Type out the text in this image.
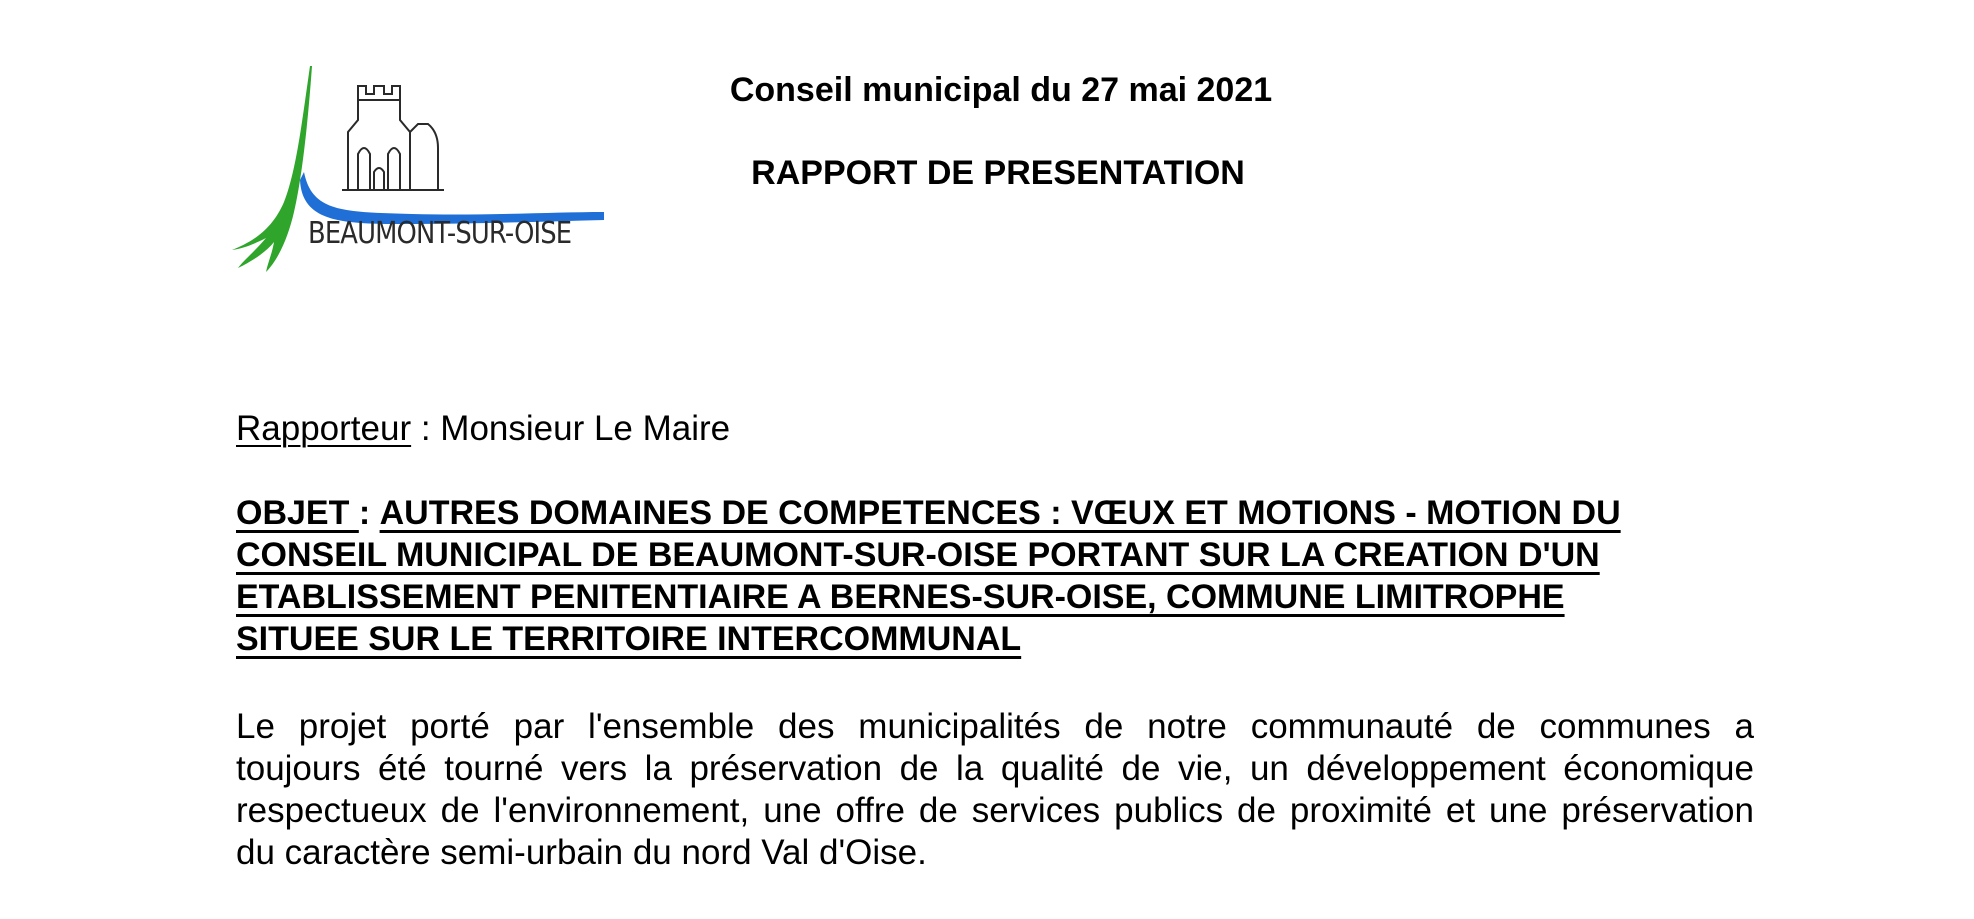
BEAUMONT-SUR-OISE
Conseil municipal du 27 mai 2021
RAPPORT DE PRESENTATION
Rapporteur : Monsieur Le Maire
OBJET : AUTRES DOMAINES DE COMPETENCES : VŒUX ET MOTIONS - MOTION DU
CONSEIL MUNICIPAL DE BEAUMONT-SUR-OISE PORTANT SUR LA CREATION D'UN
ETABLISSEMENT PENITENTIAIRE A BERNES-SUR-OISE, COMMUNE LIMITROPHE
SITUEE SUR LE TERRITOIRE INTERCOMMUNAL
Le projet porté par l'ensemble des municipalités de notre communauté de communes a
toujours été tourné vers la préservation de la qualité de vie, un développement économique
respectueux de l'environnement, une offre de services publics de proximité et une préservation
du caractère semi-urbain du nord Val d'Oise.
